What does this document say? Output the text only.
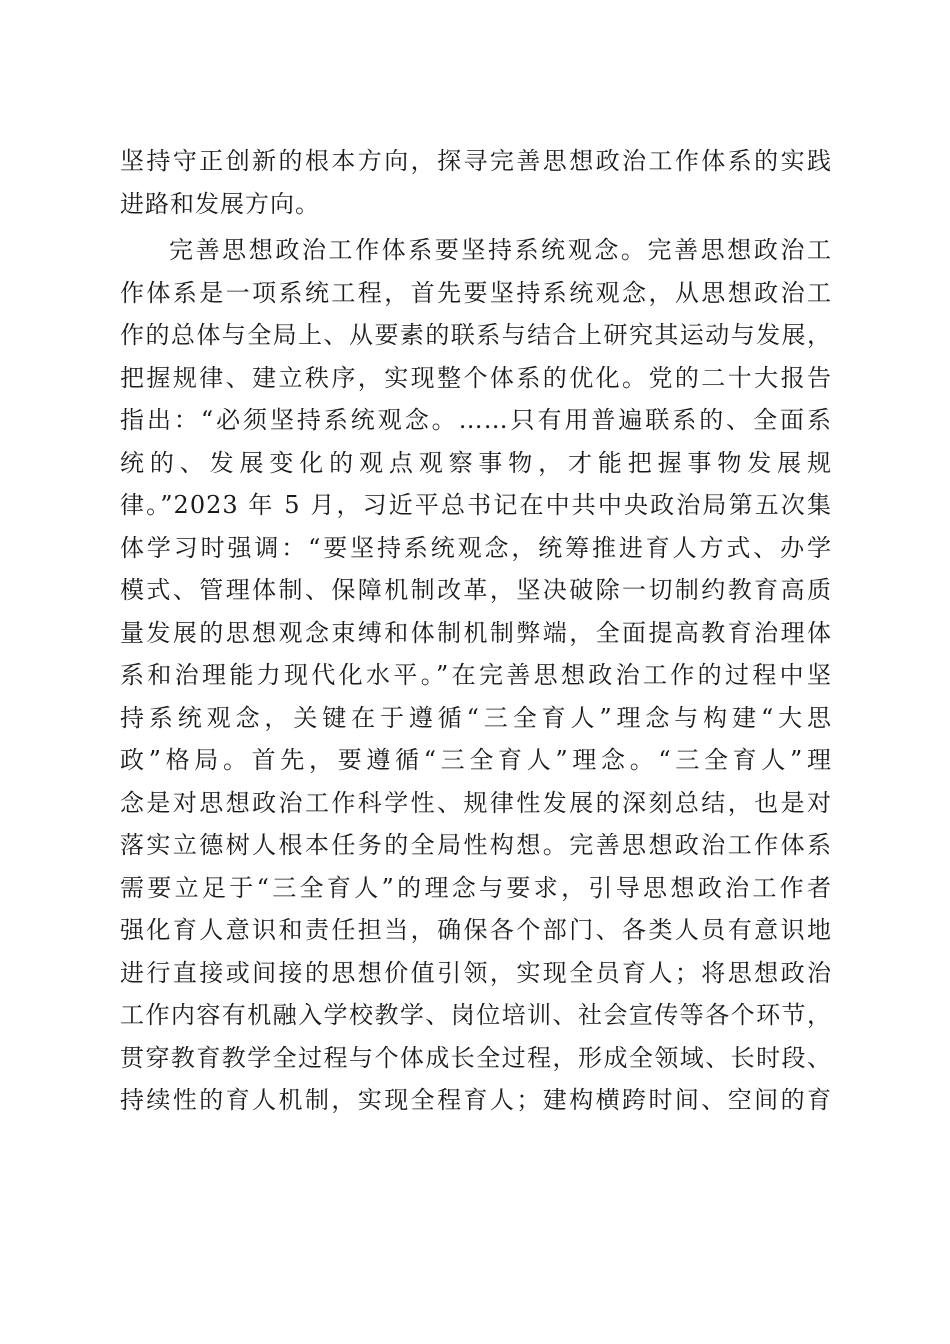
坚持守正创新的根本方向，探寻完善思想政治工作体系的实践
进路和发展方向。
完善思想政治工作体系要坚持系统观念。完善思想政治工
作体系是一项系统工程，首先要坚持系统观念，从思想政治工
作的总体与全局上、从要素的联系与结合上研究其运动与发展，
把握规律、建立秩序，实现整个体系的优化。党的二十大报告
指出：“必须坚持系统观念。……只有用普遍联系的、全面系
统的、发展变化的观点观察事物，才能把握事物发展规
律。”2023 年 5 月，习近平总书记在中共中央政治局第五次集
体学习时强调：“要坚持系统观念，统筹推进育人方式、办学
模式、管理体制、保障机制改革，坚决破除一切制约教育高质
量发展的思想观念束缚和体制机制弊端，全面提高教育治理体
系和治理能力现代化水平。”在完善思想政治工作的过程中坚
持系统观念，关键在于遵循“三全育人”理念与构建“大思
政”格局。首先，要遵循“三全育人”理念。“三全育人”理
念是对思想政治工作科学性、规律性发展的深刻总结，也是对
落实立德树人根本任务的全局性构想。完善思想政治工作体系
需要立足于“三全育人”的理念与要求，引导思想政治工作者
强化育人意识和责任担当，确保各个部门、各类人员有意识地
进行直接或间接的思想价值引领，实现全员育人；将思想政治
工作内容有机融入学校教学、岗位培训、社会宣传等各个环节，
贯穿教育教学全过程与个体成长全过程，形成全领域、长时段、
持续性的育人机制，实现全程育人；建构横跨时间、空间的育
